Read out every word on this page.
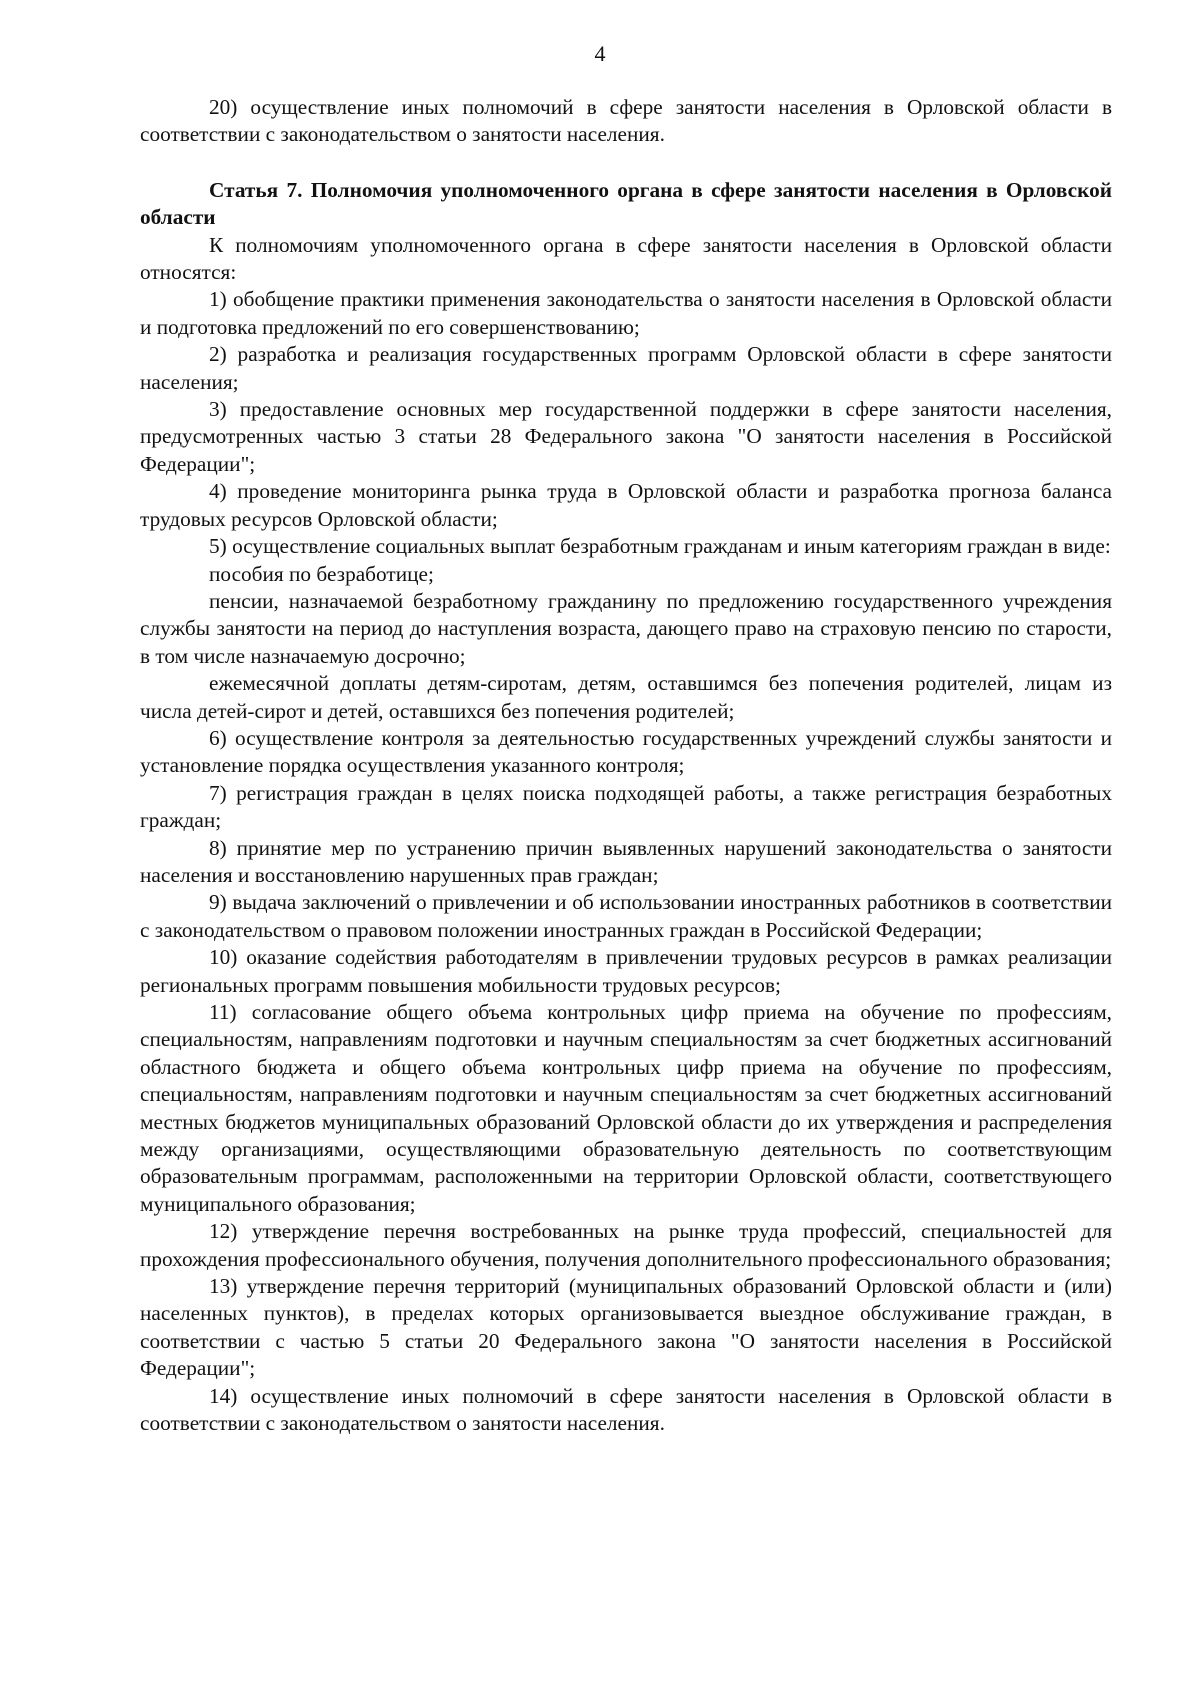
4

20) осуществление иных полномочий в сфере занятости населения в Орловской области в соответствии с законодательством о занятости населения.

Статья 7. Полномочия уполномоченного органа в сфере занятости населения в Орловской области

К полномочиям уполномоченного органа в сфере занятости населения в Орловской области относятся:

1) обобщение практики применения законодательства о занятости населения в Орловской области и подготовка предложений по его совершенствованию;

2) разработка и реализация государственных программ Орловской области в сфере занятости населения;

3) предоставление основных мер государственной поддержки в сфере занятости населения, предусмотренных частью 3 статьи 28 Федерального закона "О занятости населения в Российской Федерации";

4) проведение мониторинга рынка труда в Орловской области и разработка прогноза баланса трудовых ресурсов Орловской области;

5) осуществление социальных выплат безработным гражданам и иным категориям граждан в виде:

пособия по безработице;

пенсии, назначаемой безработному гражданину по предложению государственного учреждения службы занятости на период до наступления возраста, дающего право на страховую пенсию по старости, в том числе назначаемую досрочно;

ежемесячной доплаты детям-сиротам, детям, оставшимся без попечения родителей, лицам из числа детей-сирот и детей, оставшихся без попечения родителей;

6) осуществление контроля за деятельностью государственных учреждений службы занятости и установление порядка осуществления указанного контроля;

7) регистрация граждан в целях поиска подходящей работы, а также регистрация безработных граждан;

8) принятие мер по устранению причин выявленных нарушений законодательства о занятости населения и восстановлению нарушенных прав граждан;

9) выдача заключений о привлечении и об использовании иностранных работников в соответствии с законодательством о правовом положении иностранных граждан в Российской Федерации;

10) оказание содействия работодателям в привлечении трудовых ресурсов в рамках реализации региональных программ повышения мобильности трудовых ресурсов;

11) согласование общего объема контрольных цифр приема на обучение по профессиям, специальностям, направлениям подготовки и научным специальностям за счет бюджетных ассигнований областного бюджета и общего объема контрольных цифр приема на обучение по профессиям, специальностям, направлениям подготовки и научным специальностям за счет бюджетных ассигнований местных бюджетов муниципальных образований Орловской области до их утверждения и распределения между организациями, осуществляющими образовательную деятельность по соответствующим образовательным программам, расположенными на территории Орловской области, соответствующего муниципального образования;

12) утверждение перечня востребованных на рынке труда профессий, специальностей для прохождения профессионального обучения, получения дополнительного профессионального образования;

13) утверждение перечня территорий (муниципальных образований Орловской области и (или) населенных пунктов), в пределах которых организовывается выездное обслуживание граждан, в соответствии с частью 5 статьи 20 Федерального закона "О занятости населения в Российской Федерации";

14) осуществление иных полномочий в сфере занятости населения в Орловской области в соответствии с законодательством о занятости населения.
